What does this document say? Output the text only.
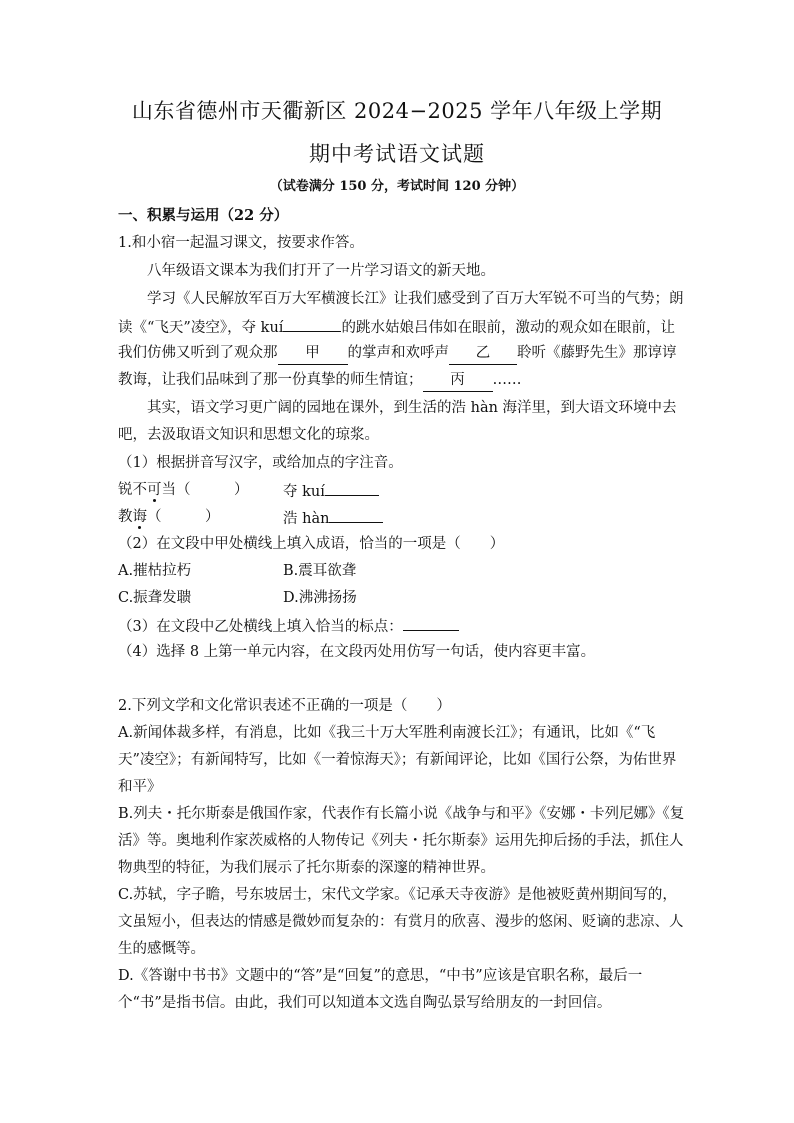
山东省德州市天衢新区 2024−2025 学年八年级上学期
期中考试语文试题
（试卷满分 150 分，考试时间 120 分钟）
一、积累与运用（22 分）
1.和小宿一起温习课文，按要求作答。
八年级语文课本为我们打开了一片学习语文的新天地。
学习《人民解放军百万大军横渡长江》让我们感受到了百万大军锐不可当的气势；朗
读《“飞天”凌空》，夺 kuí	的跳水姑娘吕伟如在眼前，激动的观众如在眼前，让
我们仿佛又听到了观众那 甲 的掌声和欢呼声 乙 聆听《藤野先生》那谆谆
教诲，让我们品味到了那一份真挚的师生情谊； 丙 ……
其实，语文学习更广阔的园地在课外，到生活的浩 hàn 海洋里，到大语文环境中去
吧，去汲取语文知识和思想文化的琼浆。
（1）根据拼音写汉字，或给加点的字注音。
锐不可当（　　　） 夺 kuí
教诲（　　　）	浩 hàn
（2）在文段中甲处横线上填入成语，恰当的一项是（　　）
A.摧枯拉朽	B.震耳欲聋
C.振聋发聩	D.沸沸扬扬
（3）在文段中乙处横线上填入恰当的标点：
（4）选择 8 上第一单元内容，在文段丙处用仿写一句话，使内容更丰富。
2.下列文学和文化常识表述不正确的一项是（　　）
A.新闻体裁多样，有消息，比如《我三十万大军胜利南渡长江》；有通讯，比如《“飞
天”凌空》；有新闻特写，比如《一着惊海天》；有新闻评论，比如《国行公祭，为佑世界
和平》
B.列夫・托尔斯泰是俄国作家，代表作有长篇小说《战争与和平》《安娜・卡列尼娜》《复
活》等。奥地利作家茨威格的人物传记《列夫・托尔斯泰》运用先抑后扬的手法，抓住人
物典型的特征，为我们展示了托尔斯泰的深邃的精神世界。
C.苏轼，字子瞻，号东坡居士，宋代文学家。《记承天寺夜游》是他被贬黄州期间写的，
文虽短小，但表达的情感是微妙而复杂的：有赏月的欣喜、漫步的悠闲、贬谪的悲凉、人
生的感慨等。
D.《答谢中书书》文题中的“答”是“回复”的意思，“中书”应该是官职名称，最后一
个“书”是指书信。由此，我们可以知道本文选自陶弘景写给朋友的一封回信。
